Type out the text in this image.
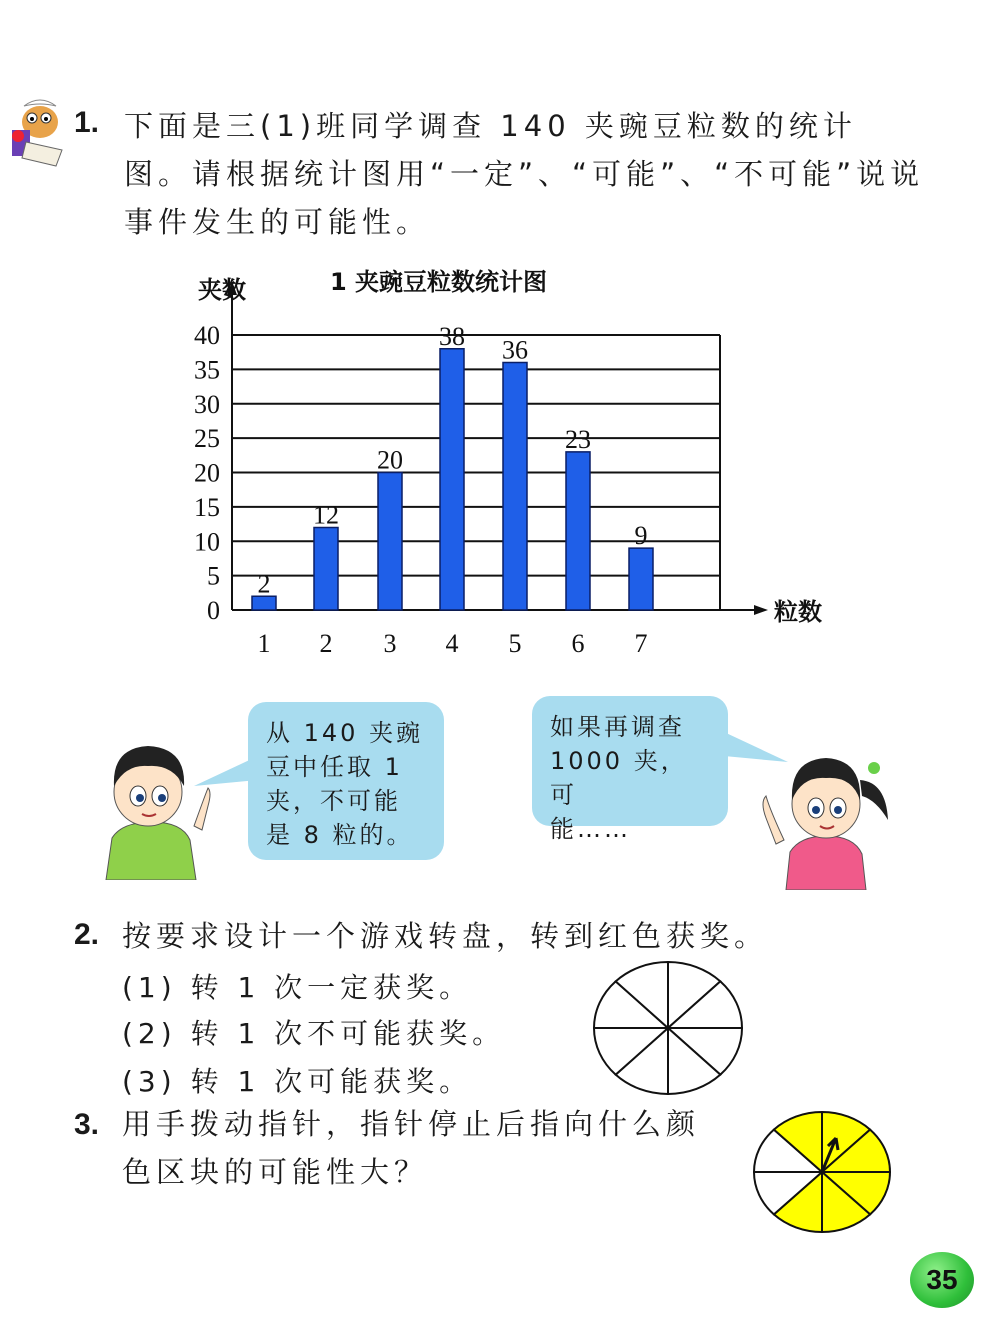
1. 下面是三(1)班同学调查 140 夹豌豆粒数的统计
图。请根据统计图用“一定”、“可能”、“不可能”说说
事件发生的可能性。
0
5
10
15
20
25
30
35
40
夹数
粒数
1 夹豌豆粒数统计图
2
1
12
2
20
3
38
4
36
5
23
6
9
7
从 140 夹豌
豆中任取 1
夹，不可能
是 8 粒的。
如果再调查
1000 夹，可
能……
2. 按要求设计一个游戏转盘，转到红色获奖。
(1) 转 1 次一定获奖。
(2) 转 1 次不可能获奖。
(3) 转 1 次可能获奖。
3. 用手拨动指针，指针停止后指向什么颜
色区块的可能性大？
35
